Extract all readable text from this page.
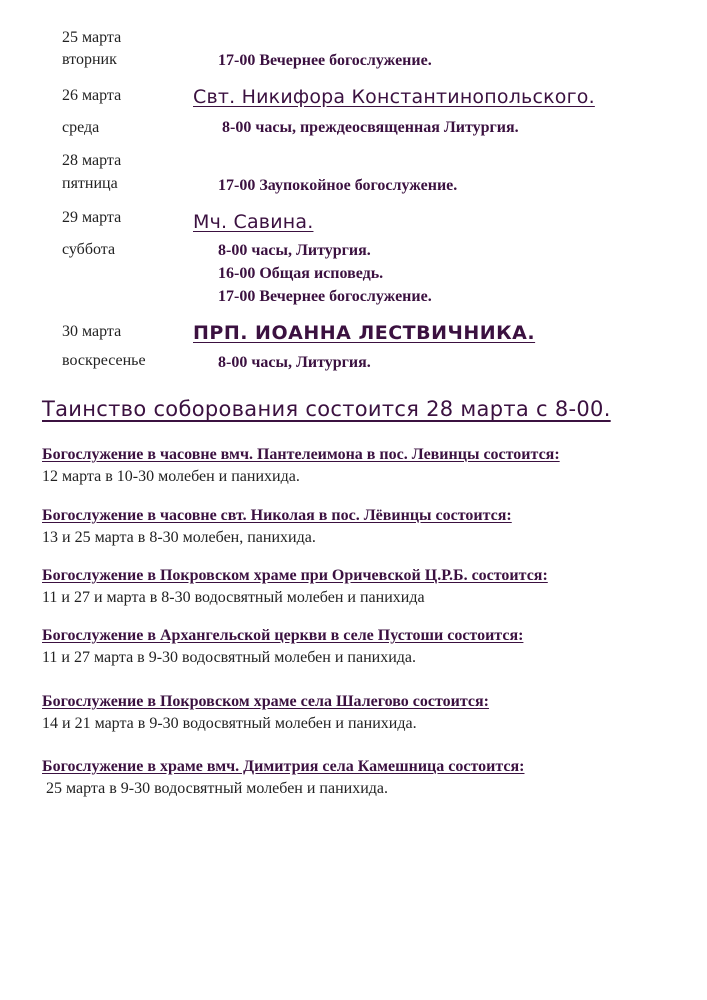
25 марта
вторник	17-00 Вечернее богослужение.
26 марта	Свт. Никифора Константинопольского.
среда	8-00 часы, преждеосвященная Литургия.
28 марта
пятница	17-00 Заупокойное богослужение.
29 марта	Мч. Савина.
суббота	8-00 часы, Литургия.
16-00 Общая исповедь.
17-00 Вечернее богослужение.
30 марта	ПРП. ИОАННА ЛЕСТВИЧНИКА.
воскресенье	8-00 часы, Литургия.
Таинство соборования состоится 28 марта с 8-00.
Богослужение в часовне вмч. Пантелеимона в пос. Левинцы состоится:
12 марта в 10-30 молебен и панихида.
Богослужение в часовне свт. Николая в пос. Лёвинцы состоится:
13 и 25 марта в 8-30 молебен, панихида.
Богослужение в Покровском храме при Оричевской Ц.Р.Б. состоится:
11 и 27 и марта в 8-30 водосвятный молебен и панихида
Богослужение в Архангельской церкви в селе Пустоши состоится:
11 и 27 марта в 9-30 водосвятный молебен и панихида.
Богослужение в Покровском храме села Шалегово состоится:
14 и 21 марта в 9-30 водосвятный молебен и панихида.
Богослужение в храме вмч. Димитрия села Камешница состоится:
25 марта в 9-30 водосвятный молебен и панихида.
